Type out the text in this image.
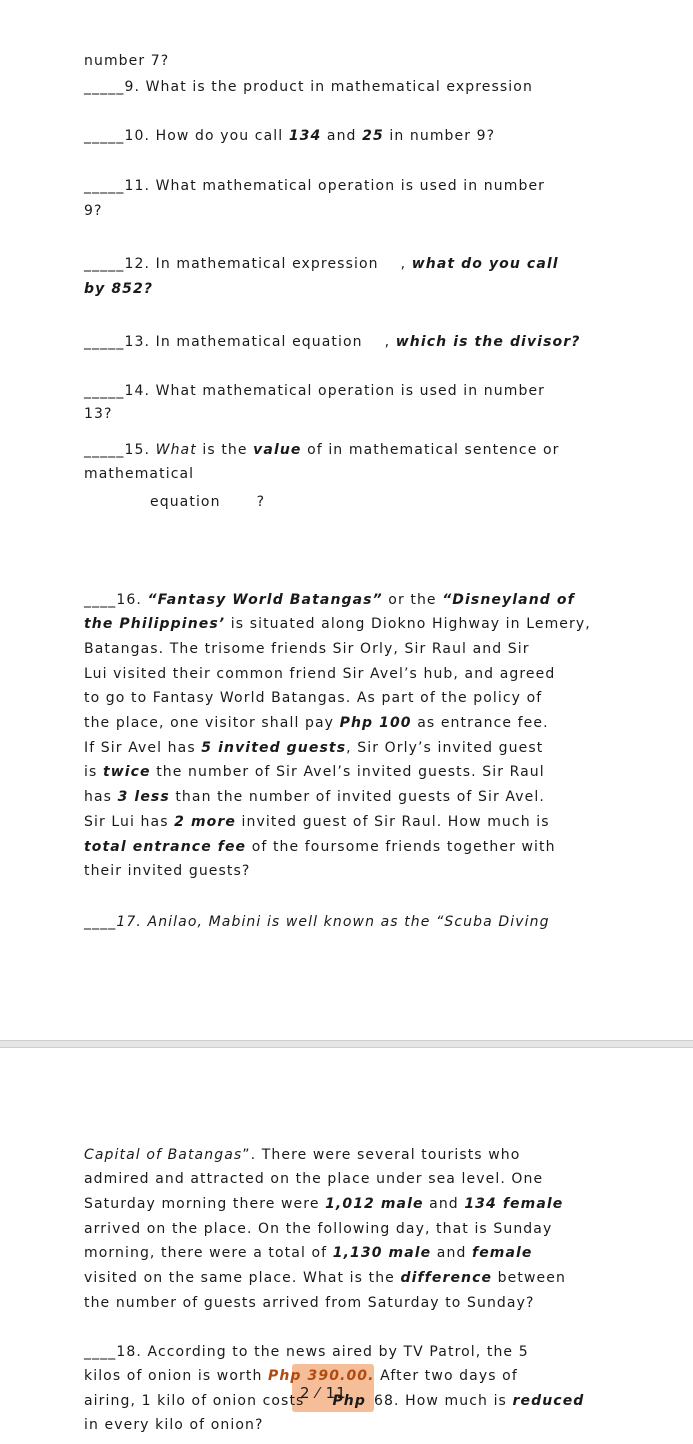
number 7?
_____9. What is the product in mathematical expression
_____10. How do you call 134 and 25 in number 9?
_____11. What mathematical operation is used in number
9?
_____12. In mathematical expression , what do you call
by 852?
_____13. In mathematical equation , which is the divisor?
_____14. What mathematical operation is used in number
13?
_____15. What is the value of in mathematical sentence or
mathematical
equation	?
____16. “Fantasy World Batangas” or the “Disneyland of
the Philippines’ is situated along Diokno Highway in Lemery,
Batangas. The trisome friends Sir Orly, Sir Raul and Sir
Lui visited their common friend Sir Avel’s hub, and agreed
to go to Fantasy World Batangas. As part of the policy of
the place, one visitor shall pay Php 100 as entrance fee.
If Sir Avel has 5 invited guests, Sir Orly’s invited guest
is twice the number of Sir Avel’s invited guests. Sir Raul
has 3 less than the number of invited guests of Sir Avel.
Sir Lui has 2 more invited guest of Sir Raul. How much is
total entrance fee of the foursome friends together with
their invited guests?
____17. Anilao, Mabini is well known as the “Scuba Diving
Capital of Batangas”. There were several tourists who
admired and attracted on the place under sea level. One
Saturday morning there were 1,012 male and 134 female
arrived on the place. On the following day, that is Sunday
morning, there were a total of 1,130 male and female
visited on the same place. What is the difference between
the number of guests arrived from Saturday to Sunday?
____18. According to the news aired by TV Patrol, the 5
kilos of onion is worth Php 390.00. After two days of
airing, 1 kilo of onion costs Php 68. How much is reduced
2 ⁄ 11
in every kilo of onion?
